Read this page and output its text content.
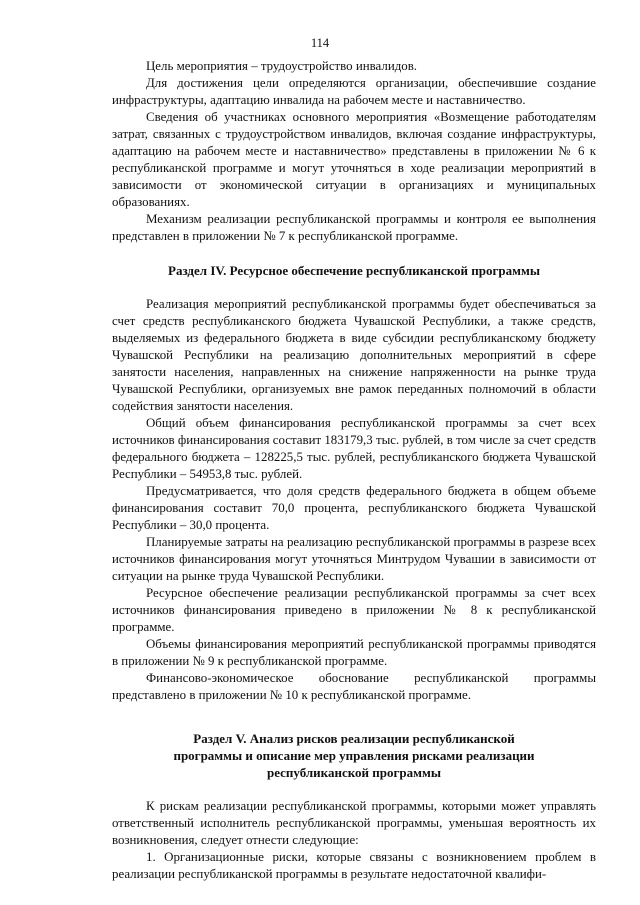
114

Цель мероприятия – трудоустройство инвалидов.

Для достижения цели определяются организации, обеспечившие создание инфраструктуры, адаптацию инвалида на рабочем месте и наставничество.

Сведения об участниках основного мероприятия «Возмещение работодателям затрат, связанных с трудоустройством инвалидов, включая создание инфраструктуры, адаптацию на рабочем месте и наставничество» представлены в приложении № 6 к республиканской программе и могут уточняться в ходе реализации мероприятий в зависимости от экономической ситуации в организациях и муниципальных образованиях.

Механизм реализации республиканской программы и контроля ее выполнения представлен в приложении № 7 к республиканской программе.

Раздел IV. Ресурсное обеспечение республиканской программы

Реализация мероприятий республиканской программы будет обеспечиваться за счет средств республиканского бюджета Чувашской Республики, а также средств, выделяемых из федерального бюджета в виде субсидии республиканскому бюджету Чувашской Республики на реализацию дополнительных мероприятий в сфере занятости населения, направленных на снижение напряженности на рынке труда Чувашской Республики, организуемых вне рамок переданных полномочий в области содействия занятости населения.

Общий объем финансирования республиканской программы за счет всех источников финансирования составит 183179,3 тыс. рублей, в том числе за счет средств федерального бюджета – 128225,5 тыс. рублей, республиканского бюджета Чувашской Республики – 54953,8 тыс. рублей.

Предусматривается, что доля средств федерального бюджета в общем объеме финансирования составит 70,0 процента, республиканского бюджета Чувашской Республики – 30,0 процента.

Планируемые затраты на реализацию республиканской программы в разрезе всех источников финансирования могут уточняться Минтрудом Чувашии в зависимости от ситуации на рынке труда Чувашской Республики.

Ресурсное обеспечение реализации республиканской программы за счет всех источников финансирования приведено в приложении № 8 к республиканской программе.

Объемы финансирования мероприятий республиканской программы приводятся в приложении № 9 к республиканской программе.

Финансово-экономическое обоснование республиканской программы представлено в приложении № 10 к республиканской программе.

Раздел V. Анализ рисков реализации республиканской
программы и описание мер управления рисками реализации
республиканской программы

К рискам реализации республиканской программы, которыми может управлять ответственный исполнитель республиканской программы, уменьшая вероятность их возникновения, следует отнести следующие:

1. Организационные риски, которые связаны с возникновением проблем в реализации республиканской программы в результате недостаточной квалифи-
